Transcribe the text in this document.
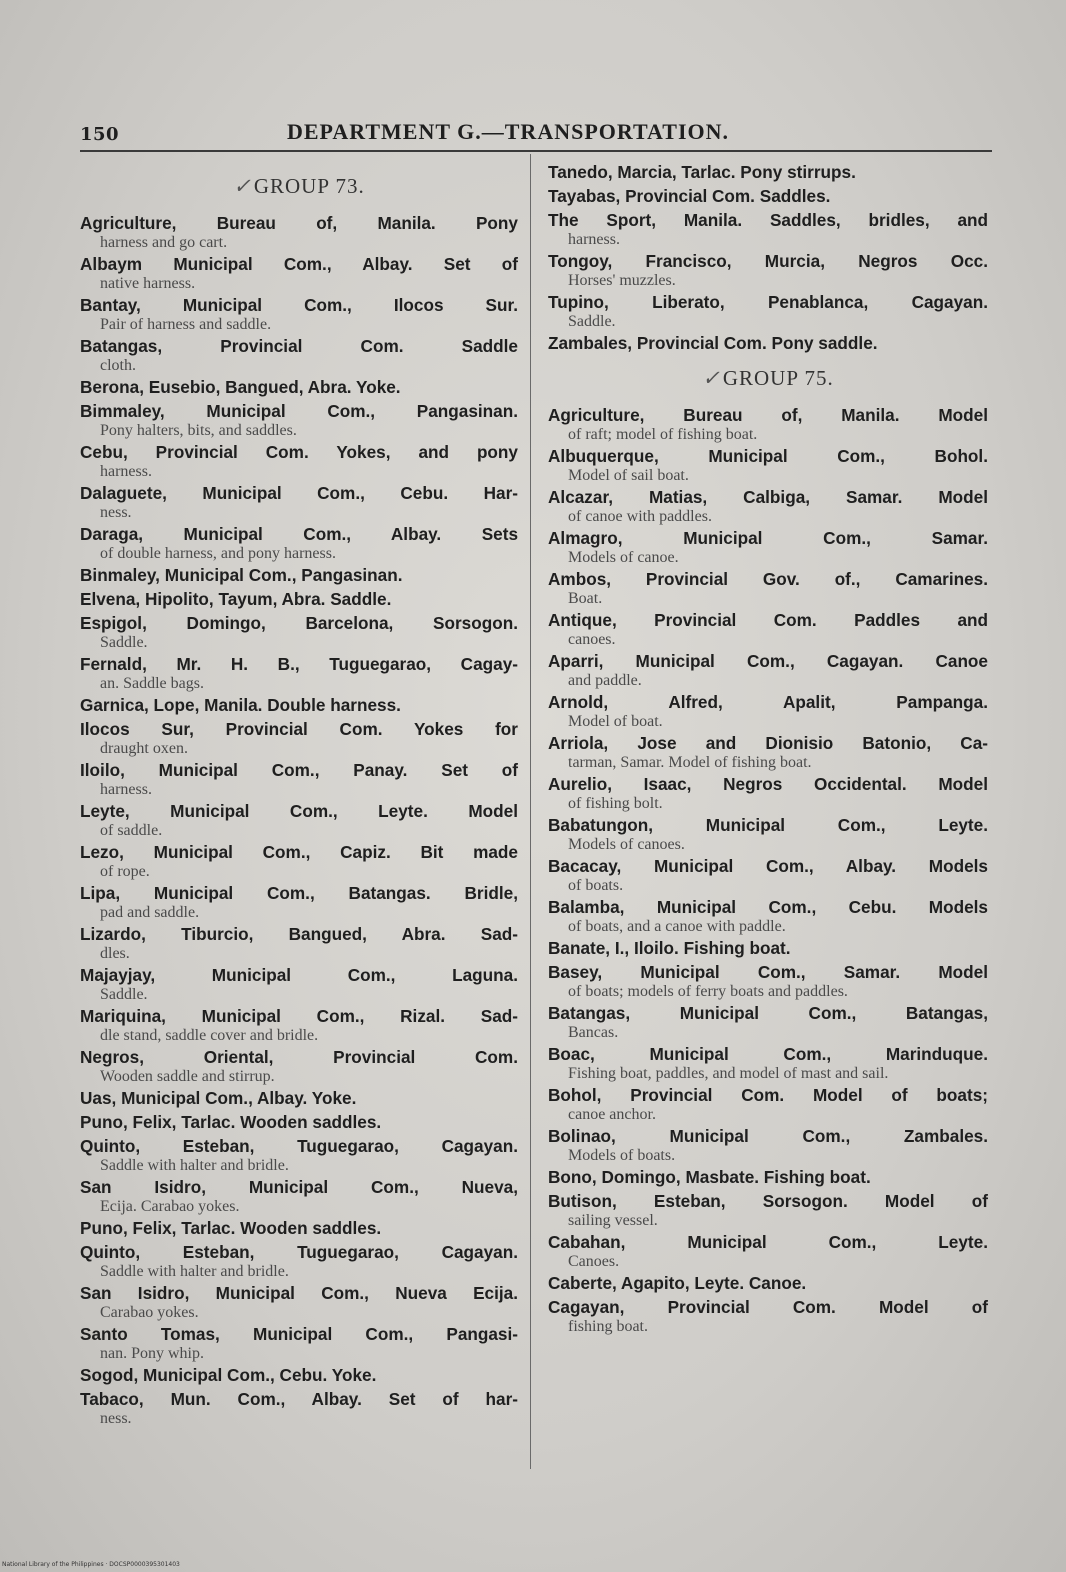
150	DEPARTMENT G.—TRANSPORTATION.
✓GROUP 73.
Agriculture, Bureau of, Manila. Pony
harness and go cart.
Albaym Municipal Com., Albay. Set of
native harness.
Bantay, Municipal Com., Ilocos Sur.
Pair of harness and saddle.
Batangas, Provincial Com. Saddle
cloth.
Berona, Eusebio, Bangued, Abra. Yoke.
Bimmaley, Municipal Com., Pangasinan.
Pony halters, bits, and saddles.
Cebu, Provincial Com. Yokes, and pony
harness.
Dalaguete, Municipal Com., Cebu. Har-
ness.
Daraga, Municipal Com., Albay. Sets
of double harness, and pony harness.
Binmaley, Municipal Com., Pangasinan.
Elvena, Hipolito, Tayum, Abra. Saddle.
Espigol, Domingo, Barcelona, Sorsogon.
Saddle.
Fernald, Mr. H. B., Tuguegarao, Cagay-
an. Saddle bags.
Garnica, Lope, Manila. Double harness.
Ilocos Sur, Provincial Com. Yokes for
draught oxen.
Iloilo, Municipal Com., Panay. Set of
harness.
Leyte, Municipal Com., Leyte. Model
of saddle.
Lezo, Municipal Com., Capiz. Bit made
of rope.
Lipa, Municipal Com., Batangas. Bridle,
pad and saddle.
Lizardo, Tiburcio, Bangued, Abra. Sad-
dles.
Majayjay, Municipal Com., Laguna.
Saddle.
Mariquina, Municipal Com., Rizal. Sad-
dle stand, saddle cover and bridle.
Negros, Oriental, Provincial Com.
Wooden saddle and stirrup.
Uas, Municipal Com., Albay. Yoke.
Puno, Felix, Tarlac. Wooden saddles.
Quinto, Esteban, Tuguegarao, Cagayan.
Saddle with halter and bridle.
San Isidro, Municipal Com., Nueva,
Ecija. Carabao yokes.
Puno, Felix, Tarlac. Wooden saddles.
Quinto, Esteban, Tuguegarao, Cagayan.
Saddle with halter and bridle.
San Isidro, Municipal Com., Nueva Ecija.
Carabao yokes.
Santo Tomas, Municipal Com., Pangasi-
nan. Pony whip.
Sogod, Municipal Com., Cebu. Yoke.
Tabaco, Mun. Com., Albay. Set of har-
ness.
Tanedo, Marcia, Tarlac. Pony stirrups.
Tayabas, Provincial Com. Saddles.
The Sport, Manila. Saddles, bridles, and
harness.
Tongoy, Francisco, Murcia, Negros Occ.
Horses' muzzles.
Tupino, Liberato, Penablanca, Cagayan.
Saddle.
Zambales, Provincial Com. Pony saddle.
✓GROUP 75.
Agriculture, Bureau of, Manila. Model
of raft; model of fishing boat.
Albuquerque, Municipal Com., Bohol.
Model of sail boat.
Alcazar, Matias, Calbiga, Samar. Model
of canoe with paddles.
Almagro, Municipal Com., Samar.
Models of canoe.
Ambos, Provincial Gov. of., Camarines.
Boat.
Antique, Provincial Com. Paddles and
canoes.
Aparri, Municipal Com., Cagayan. Canoe
and paddle.
Arnold, Alfred, Apalit, Pampanga.
Model of boat.
Arriola, Jose and Dionisio Batonio, Ca-
tarman, Samar. Model of fishing boat.
Aurelio, Isaac, Negros Occidental. Model
of fishing bolt.
Babatungon, Municipal Com., Leyte.
Models of canoes.
Bacacay, Municipal Com., Albay. Models
of boats.
Balamba, Municipal Com., Cebu. Models
of boats, and a canoe with paddle.
Banate, I., Iloilo. Fishing boat.
Basey, Municipal Com., Samar. Model
of boats; models of ferry boats and paddles.
Batangas, Municipal Com., Batangas,
Bancas.
Boac, Municipal Com., Marinduque.
Fishing boat, paddles, and model of mast and sail.
Bohol, Provincial Com. Model of boats;
canoe anchor.
Bolinao, Municipal Com., Zambales.
Models of boats.
Bono, Domingo, Masbate. Fishing boat.
Butison, Esteban, Sorsogon. Model of
sailing vessel.
Cabahan, Municipal Com., Leyte.
Canoes.
Caberte, Agapito, Leyte. Canoe.
Cagayan, Provincial Com. Model of
fishing boat.
National Library of the Philippines · DOCSP0000395301403
